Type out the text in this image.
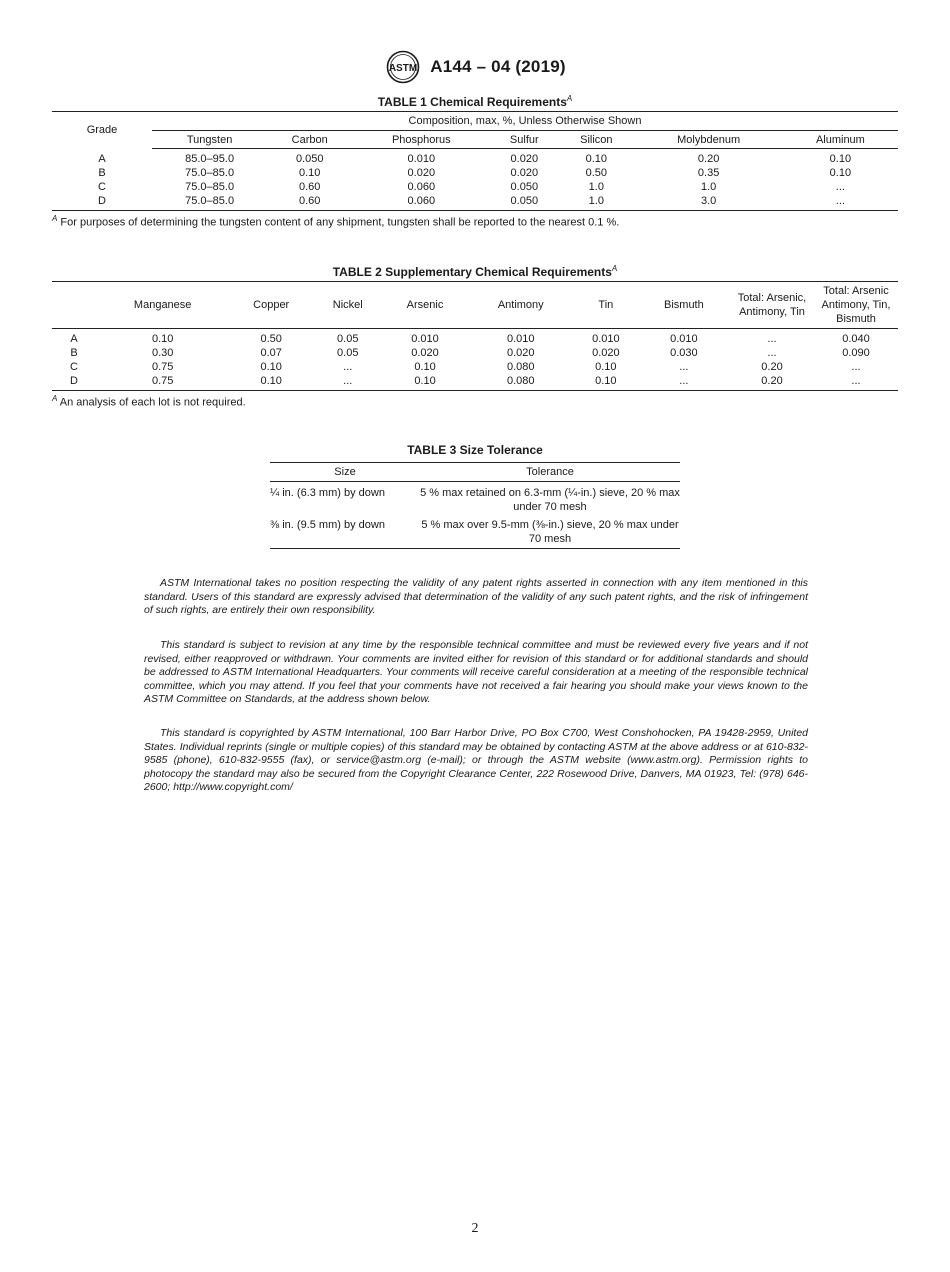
ASTM A144 – 04 (2019)
TABLE 1 Chemical Requirements$^A$
Grade	Composition, max, %, Unless Otherwise Shown						
	Tungsten	Carbon	Phosphorus	Sulfur	Silicon	Molybdenum	Aluminum
A	85.0–95.0	0.050	0.010	0.020	0.10	0.20	0.10
B	75.0–85.0	0.10	0.020	0.020	0.50	0.35	0.10
C	75.0–85.0	0.60	0.060	0.050	1.0	1.0	...
D	75.0–85.0	0.60	0.060	0.050	1.0	3.0	...
$^A$ For purposes of determining the tungsten content of any shipment, tungsten shall be reported to the nearest 0.1 %.
TABLE 2 Supplementary Chemical Requirements$^A$
	Manganese	Copper	Nickel	Arsenic	Antimony	Tin	Bismuth	Total: Arsenic, Antimony, Tin	Total: Arsenic Antimony, Tin, Bismuth
A	0.10	0.50	0.05	0.010	0.010	0.010	0.010	...	0.040
B	0.30	0.07	0.05	0.020	0.020	0.020	0.030	...	0.090
C	0.75	0.10	...	0.10	0.080	0.10	...	0.20	...
D	0.75	0.10	...	0.10	0.080	0.10	...	0.20	...
$^A$ An analysis of each lot is not required.
TABLE 3 Size Tolerance
Size	Tolerance
¼ in. (6.3 mm) by down	5 % max retained on 6.3-mm (¼-in.) sieve, 20 % max under 70 mesh
⅜ in. (9.5 mm) by down	5 % max over 9.5-mm (⅜-in.) sieve, 20 % max under 70 mesh

ASTM International takes no position respecting the validity of any patent rights asserted in connection with any item mentioned in this standard. Users of this standard are expressly advised that determination of the validity of any such patent rights, and the risk of infringement of such rights, are entirely their own responsibility.

This standard is subject to revision at any time by the responsible technical committee and must be reviewed every five years and if not revised, either reapproved or withdrawn. Your comments are invited either for revision of this standard or for additional standards and should be addressed to ASTM International Headquarters. Your comments will receive careful consideration at a meeting of the responsible technical committee, which you may attend. If you feel that your comments have not received a fair hearing you should make your views known to the ASTM Committee on Standards, at the address shown below.

This standard is copyrighted by ASTM International, 100 Barr Harbor Drive, PO Box C700, West Conshohocken, PA 19428-2959, United States. Individual reprints (single or multiple copies) of this standard may be obtained by contacting ASTM at the above address or at 610-832-9585 (phone), 610-832-9555 (fax), or service@astm.org (e-mail); or through the ASTM website (www.astm.org). Permission rights to photocopy the standard may also be secured from the Copyright Clearance Center, 222 Rosewood Drive, Danvers, MA 01923, Tel: (978) 646-2600; http://www.copyright.com/

2
